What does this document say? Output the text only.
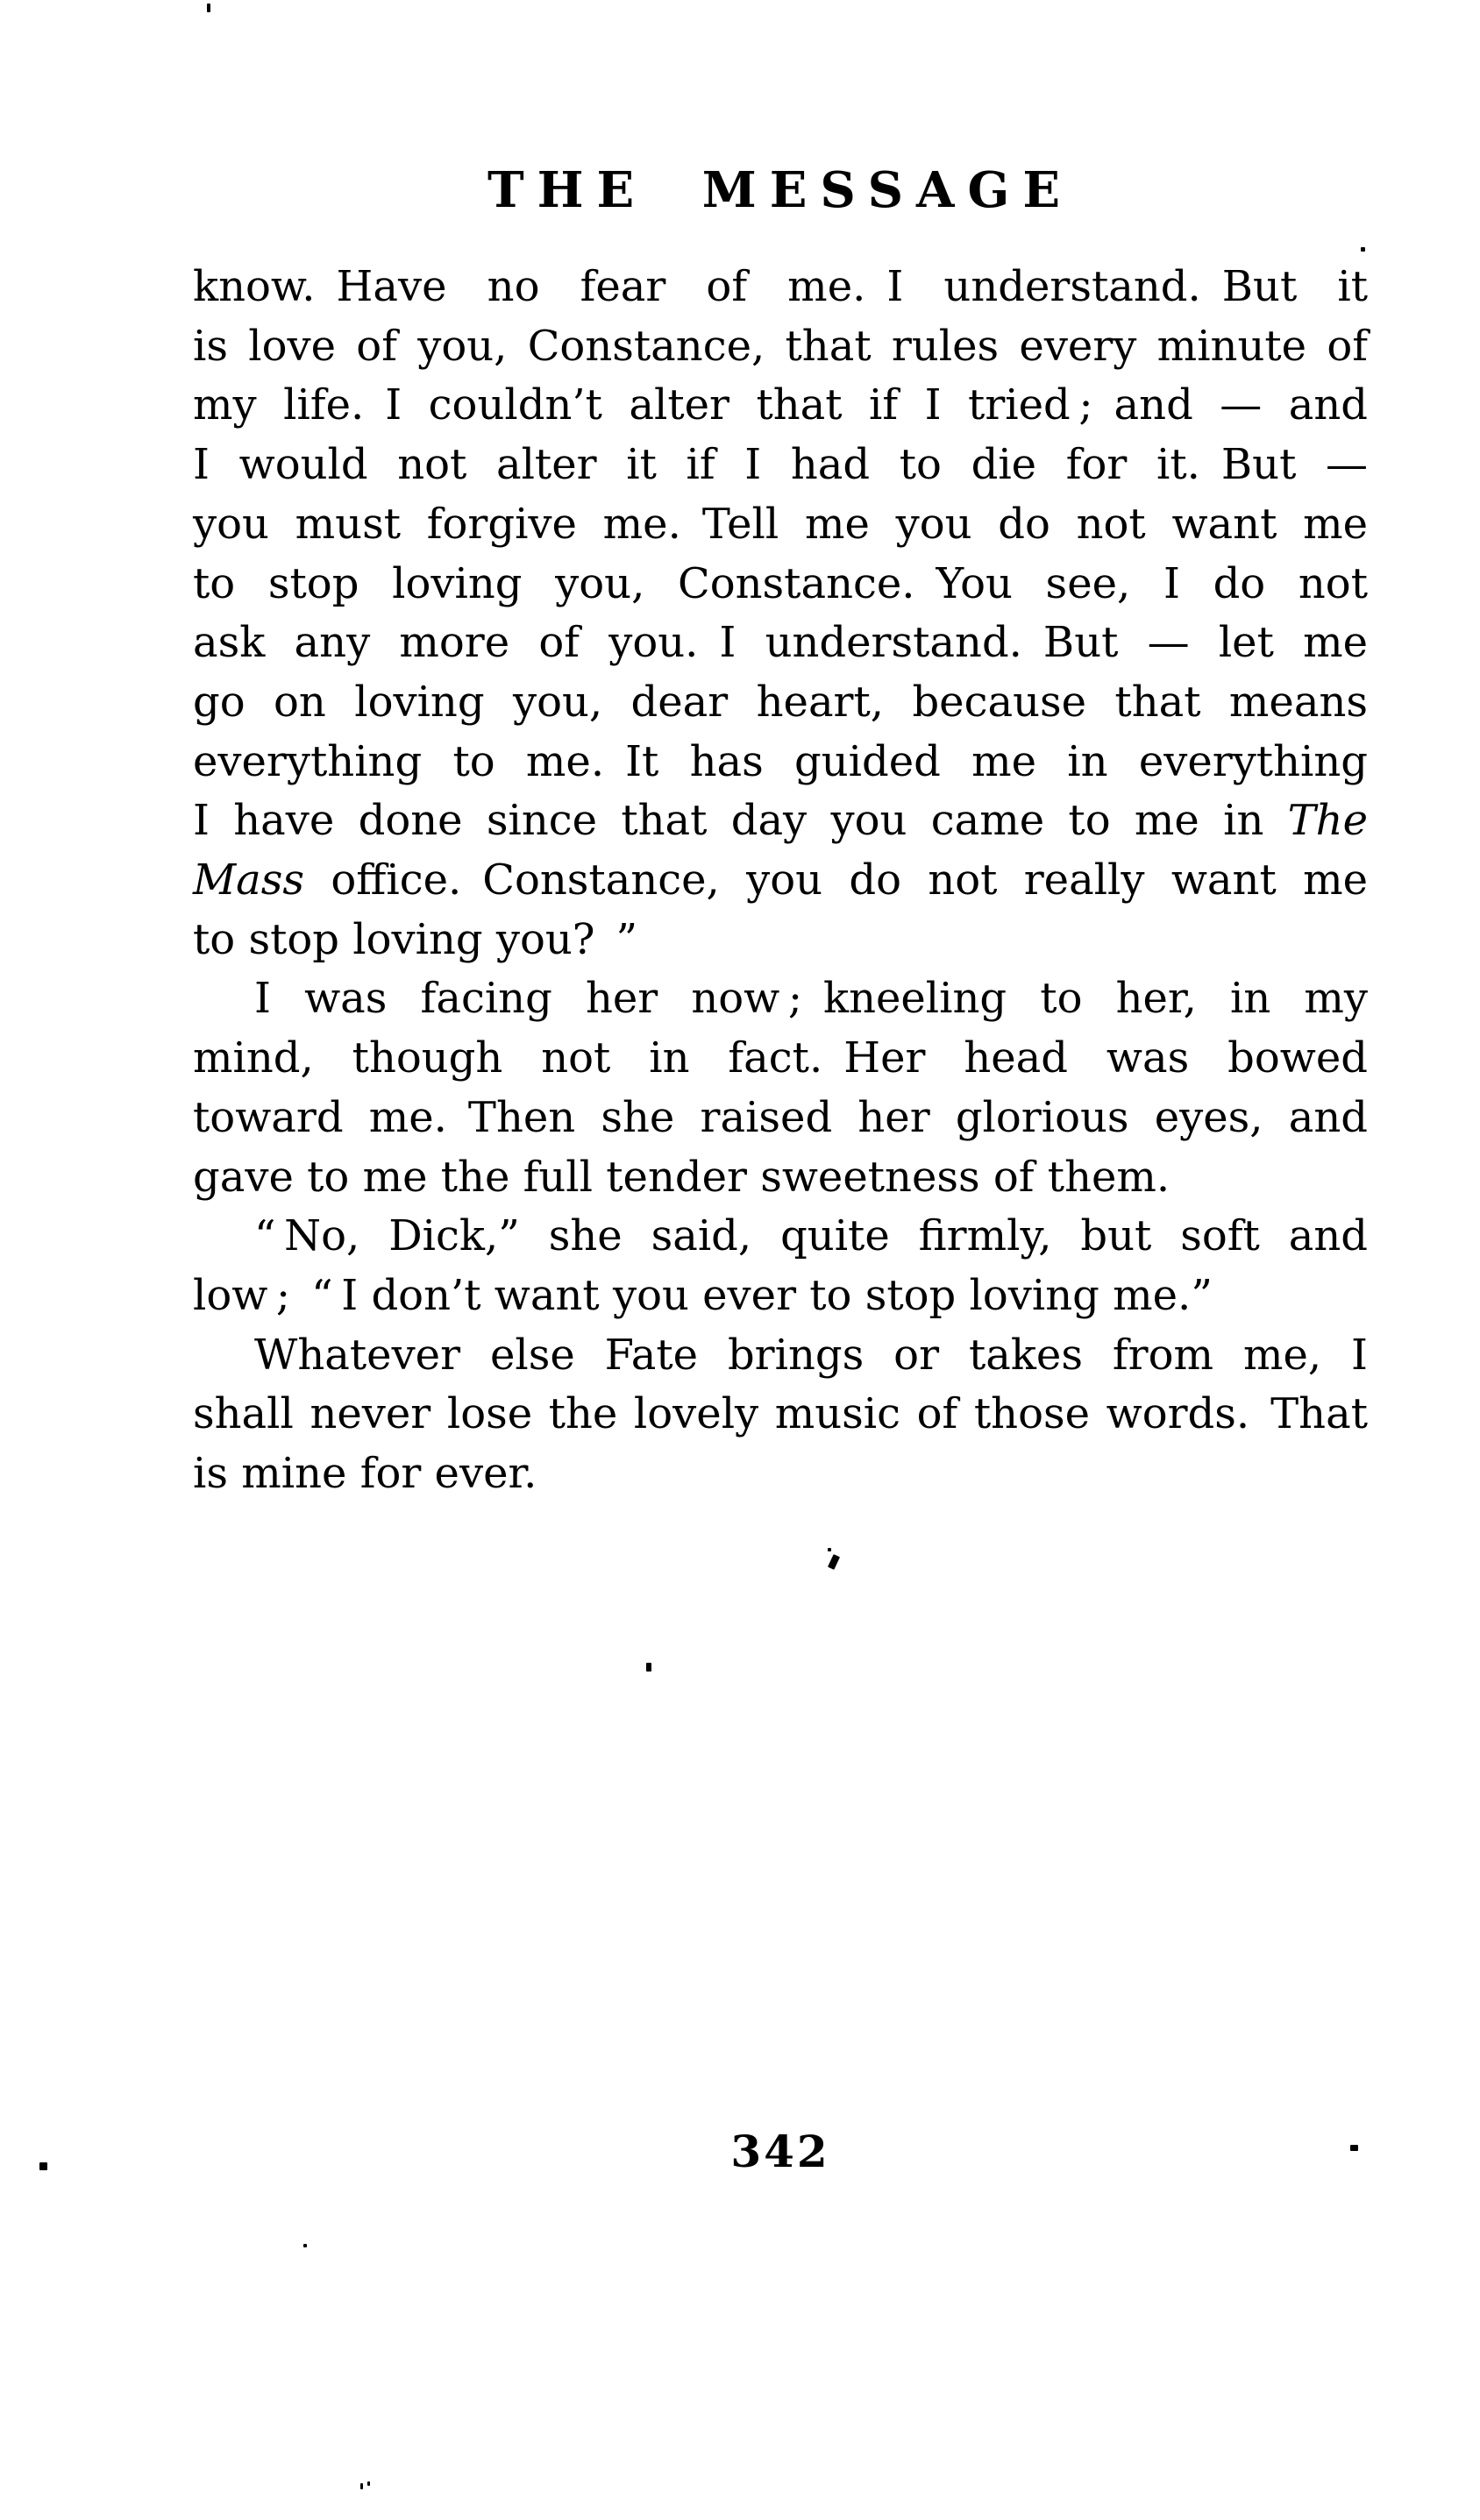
THE MESSAGE
know. Have no fear of me. I understand. But it
is love of you, Constance, that rules every minute of
my life. I couldn’t alter that if I tried ; and — and
I would not alter it if I had to die for it. But —
you must forgive me. Tell me you do not want me
to stop loving you, Constance. You see, I do not
ask any more of you. I understand. But — let me
go on loving you, dear heart, because that means
everything to me. It has guided me in everything
I have done since that day you came to me in The
Mass office. Constance, you do not really want me
to stop loving you? ”
I was facing her now ; kneeling to her, in my
mind, though not in fact. Her head was bowed
toward me. Then she raised her glorious eyes, and
gave to me the full tender sweetness of them.
“ No, Dick,” she said, quite firmly, but soft and
low ; “ I don’t want you ever to stop loving me.”
Whatever else Fate brings or takes from me, I
shall never lose the lovely music of those words. That
is mine for ever.
342
